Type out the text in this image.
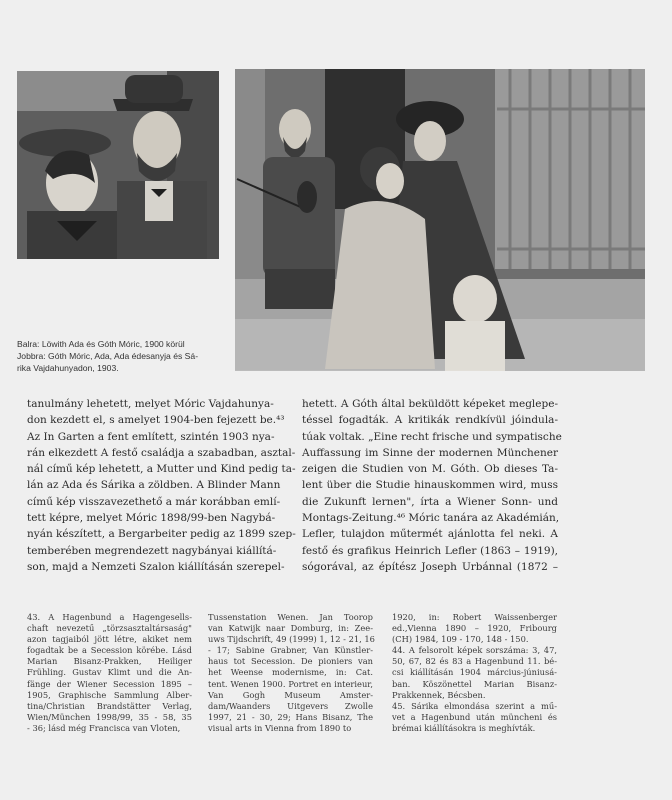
Balra: Löwith Ada és Góth Móric, 1900 körül
Jobbra: Góth Móric, Ada, Ada édesanyja és Sá-
rika Vajdahunyadon, 1903.
tanulmány lehetett, melyet Móric Vajdahunya-
don kezdett el, s amelyet 1904-ben fejezett be.⁴³
Az In Garten a fent említett, szintén 1903 nya-
rán elkezdett A festő családja a szabadban, asztal-
nál című kép lehetett, a Mutter und Kind pedig ta-
lán az Ada és Sárika a zöldben. A Blinder Mann
című kép visszavezethető a már korábban emlí-
tett képre, melyet Móric 1898/99-ben Nagybá-
nyán készített, a Bergarbeiter pedig az 1899 szep-
temberében megrendezett nagybányai kiállítá-
son, majd a Nemzeti Szalon kiállításán szerepel-
hetett. A Góth által beküldött képeket meglepe-
téssel fogadták. A kritikák rendkívül jóindula-
túak voltak. „Eine recht frische und sympatische
Auffassung im Sinne der modernen Münchener
zeigen die Studien von M. Góth. Ob dieses Ta-
lent über die Studie hinauskommen wird, muss
die Zukunft lernen", írta a Wiener Sonn- und
Montags-Zeitung.⁴⁶ Móric tanára az Akadémián,
Lefler, tulajdon műtermét ajánlotta fel neki. A
festő és grafikus Heinrich Lefler (1863 – 1919),
sógorával, az építész Joseph Urbánnal (1872 –
43. A Hagenbund a Hagengesells-
chaft nevezetű „törzsasztaltársaság"
azon tagjaiból jött létre, akiket nem
fogadtak be a Secession körébe. Lásd
Marian Bisanz-Prakken, Heiliger
Frühling. Gustav Klimt und die An-
fänge der Wiener Secession 1895 –
1905, Graphische Sammlung Alber-
tina/Christian Brandstätter Verlag,
Wien/München 1998/99, 35 - 58, 35
- 36; lásd még Francisca van Vloten,
Tussenstation Wenen. Jan Toorop
van Katwijk naar Domburg, in: Zee-
uws Tijdschrift, 49 (1999) 1, 12 - 21, 16
- 17; Sabine Grabner, Van Künstler-
haus tot Secession. De pioniers van
het Weense modernisme, in: Cat.
tent. Wenen 1900. Portret en interieur,
Van Gogh Museum Amster-
dam/Waanders Uitgevers Zwolle
1997, 21 - 30, 29; Hans Bisanz, The
visual arts in Vienna from 1890 to
1920, in: Robert Waissenberger
ed.,Vienna 1890 – 1920, Fribourg
(CH) 1984, 109 - 170, 148 - 150.
44. A felsorolt képek sorszáma: 3, 47,
50, 67, 82 és 83 a Hagenbund 11. bé-
csi kiállításán 1904 március-júniusá-
ban. Köszönettel Marian Bisanz-
Prakkennek, Bécsben.
45. Sárika elmondása szerint a mű-
vet a Hagenbund után müncheni és
brémai kiállításokra is meghívták.
